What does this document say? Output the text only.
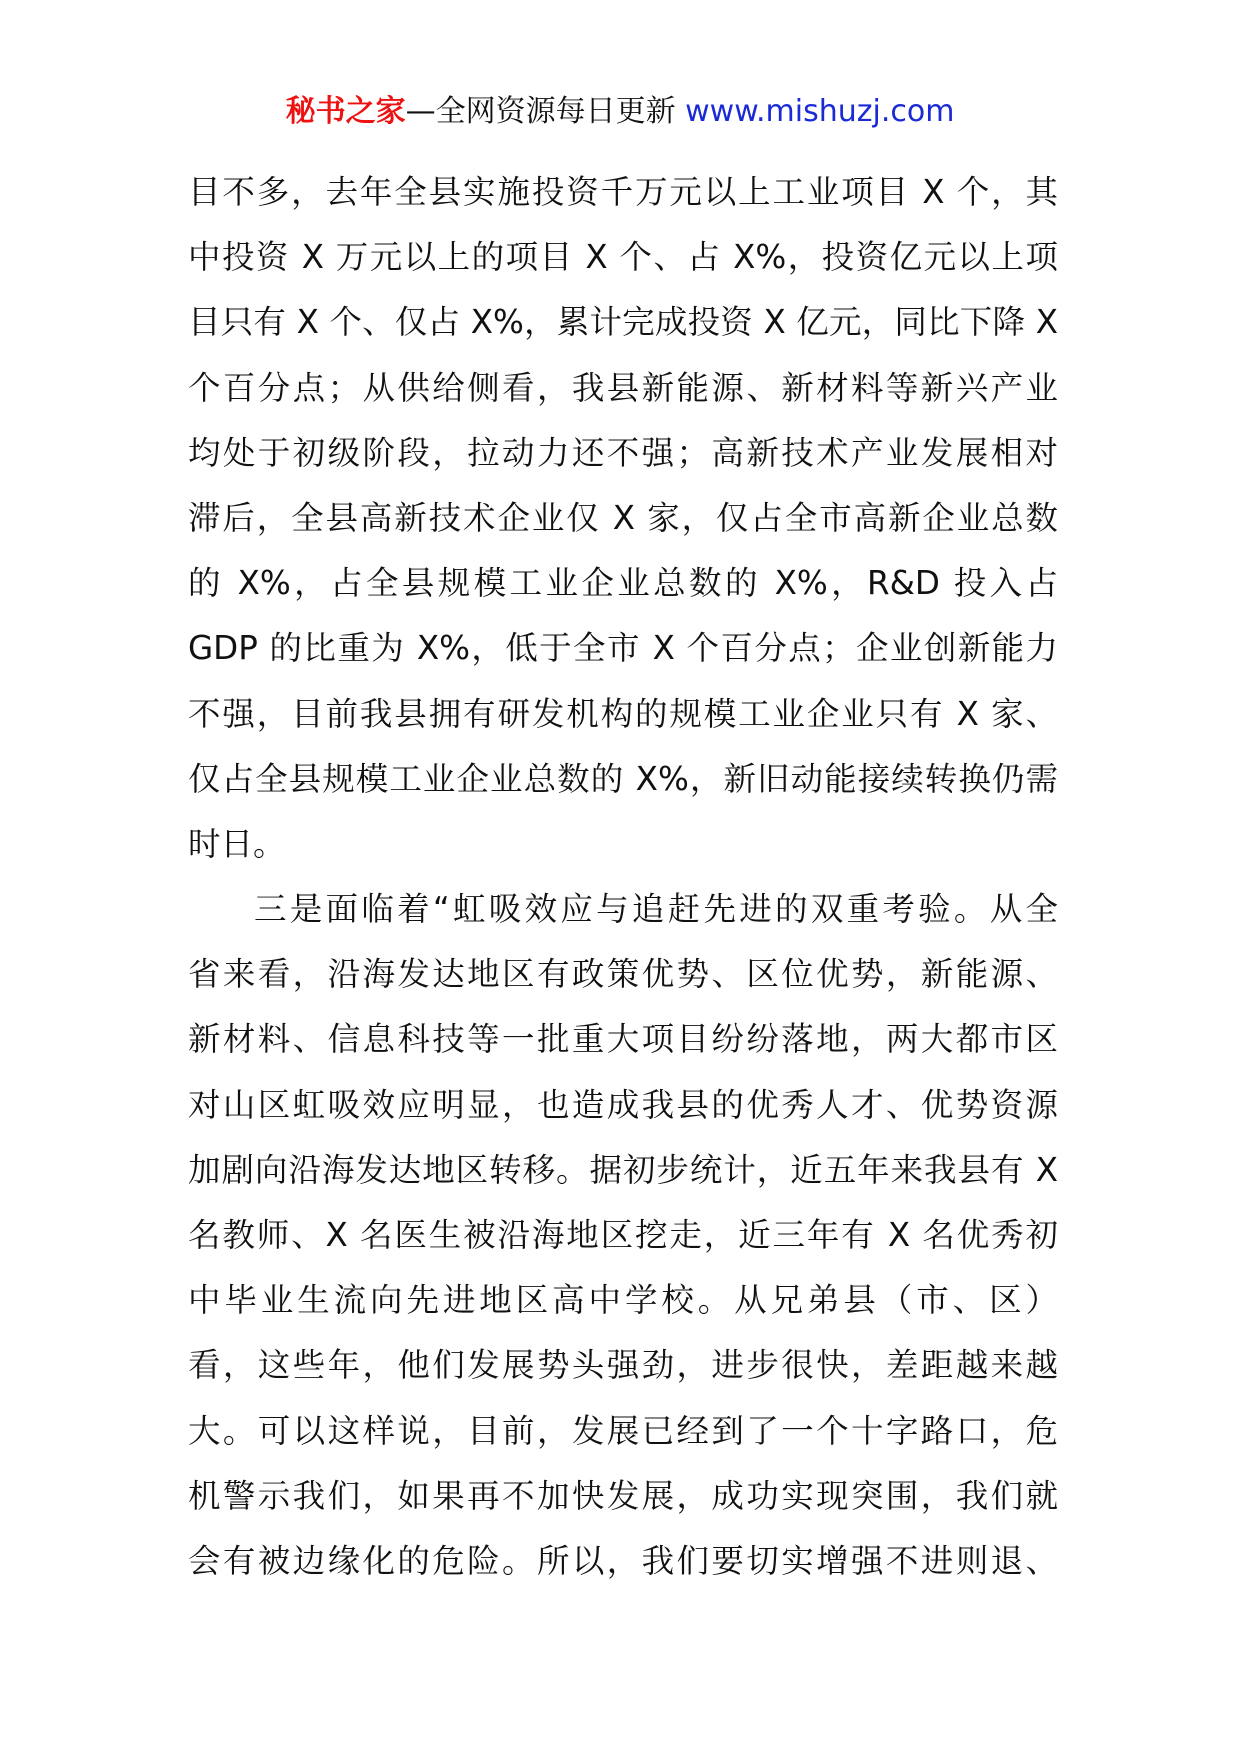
秘书之家—全网资源每日更新 www.mishuzj.com
目不多，去年全县实施投资千万元以上工业项目 X 个，其
中投资 X 万元以上的项目 X 个、占 X%，投资亿元以上项
目只有 X 个、仅占 X%，累计完成投资 X 亿元，同比下降 X
个百分点；从供给侧看，我县新能源、新材料等新兴产业
均处于初级阶段，拉动力还不强；高新技术产业发展相对
滞后，全县高新技术企业仅 X 家，仅占全市高新企业总数
的 X%，占全县规模工业企业总数的 X%，R&D 投入占
GDP 的比重为 X%，低于全市 X 个百分点；企业创新能力
不强，目前我县拥有研发机构的规模工业企业只有 X 家、
仅占全县规模工业企业总数的 X%，新旧动能接续转换仍需
时日。
三是面临着“虹吸效应与追赶先进的双重考验。从全
省来看，沿海发达地区有政策优势、区位优势，新能源、
新材料、信息科技等一批重大项目纷纷落地，两大都市区
对山区虹吸效应明显，也造成我县的优秀人才、优势资源
加剧向沿海发达地区转移。据初步统计，近五年来我县有 X
名教师、X 名医生被沿海地区挖走，近三年有 X 名优秀初
中毕业生流向先进地区高中学校。从兄弟县（市、区）
看，这些年，他们发展势头强劲，进步很快，差距越来越
大。可以这样说，目前，发展已经到了一个十字路口，危
机警示我们，如果再不加快发展，成功实现突围，我们就
会有被边缘化的危险。所以，我们要切实增强不进则退、
